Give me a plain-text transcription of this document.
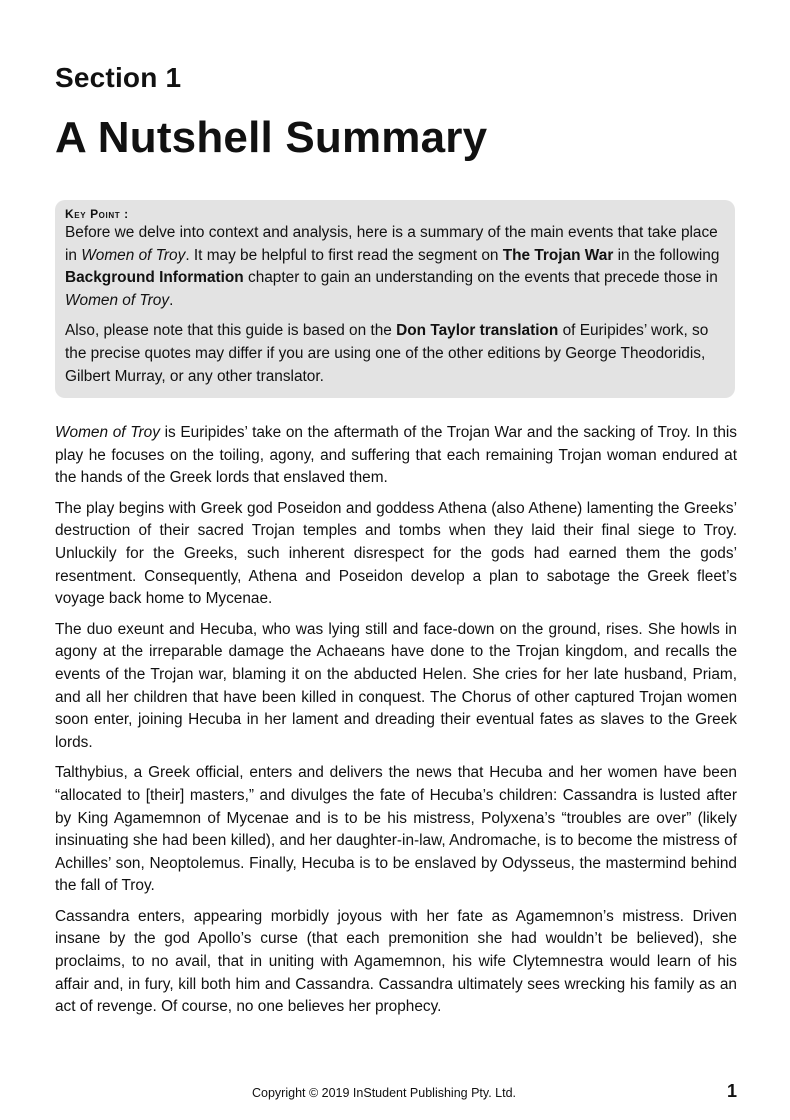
Section 1
A Nutshell Summary

Key Point :

Before we delve into context and analysis, here is a summary of the main events that take place in Women of Troy. It may be helpful to first read the segment on The Trojan War in the following Background Information chapter to gain an understanding on the events that precede those in Women of Troy.

Also, please note that this guide is based on the Don Taylor translation of Euripides’ work, so the precise quotes may differ if you are using one of the other editions by George Theodoridis, Gilbert Murray, or any other translator.

Women of Troy is Euripides’ take on the aftermath of the Trojan War and the sacking of Troy. In this play he focuses on the toiling, agony, and suffering that each remaining Trojan woman endured at the hands of the Greek lords that enslaved them.

The play begins with Greek god Poseidon and goddess Athena (also Athene) lamenting the Greeks’ destruction of their sacred Trojan temples and tombs when they laid their final siege to Troy. Unluckily for the Greeks, such inherent disrespect for the gods had earned them the gods’ resentment. Consequently, Athena and Poseidon develop a plan to sabotage the Greek fleet’s voyage back home to Mycenae.

The duo exeunt and Hecuba, who was lying still and face-down on the ground, rises. She howls in agony at the irreparable damage the Achaeans have done to the Trojan kingdom, and recalls the events of the Trojan war, blaming it on the abducted Helen. She cries for her late husband, Priam, and all her children that have been killed in conquest. The Chorus of other captured Trojan women soon enter, joining Hecuba in her lament and dreading their eventual fates as slaves to the Greek lords.

Talthybius, a Greek official, enters and delivers the news that Hecuba and her women have been “allocated to [their] masters,” and divulges the fate of Hecuba’s children: Cassandra is lusted after by King Agamemnon of Mycenae and is to be his mistress, Polyxena’s “troubles are over” (likely insinuating she had been killed), and her daughter-in-law, Andromache, is to become the mistress of Achilles’ son, Neoptolemus. Finally, Hecuba is to be enslaved by Odysseus, the mastermind behind the fall of Troy.

Cassandra enters, appearing morbidly joyous with her fate as Agamemnon’s mistress. Driven insane by the god Apollo’s curse (that each premonition she had wouldn’t be believed), she proclaims, to no avail, that in uniting with Agamemnon, his wife Clytemnestra would learn of his affair and, in fury, kill both him and Cassandra. Cassandra ultimately sees wrecking his family as an act of revenge. Of course, no one believes her prophecy.

Copyright © 2019 InStudent Publishing Pty. Ltd.	1
